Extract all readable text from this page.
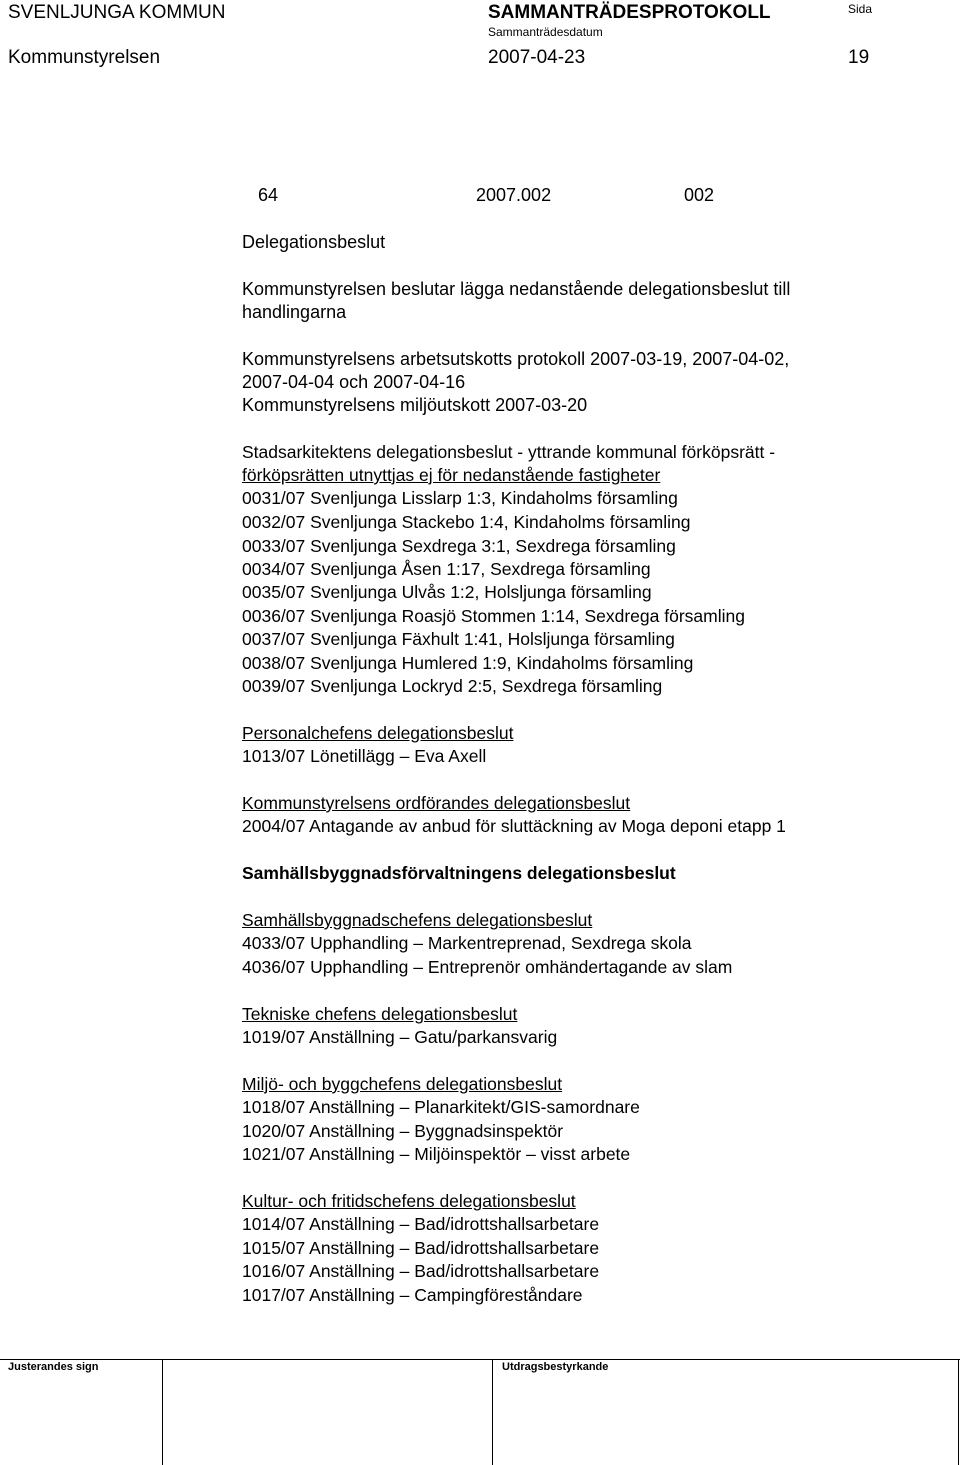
SVENLJUNGA KOMMUN	SAMMANTRÄDESPROTOKOLL
Sammanträdesdatum
Sida
Kommunstyrelsen	2007-04-23	19
64	2007.002	002
Delegationsbeslut
Kommunstyrelsen beslutar lägga nedanstående delegationsbeslut till
handlingarna
Kommunstyrelsens arbetsutskotts protokoll 2007-03-19, 2007-04-02,
2007-04-04 och 2007-04-16
Kommunstyrelsens miljöutskott 2007-03-20
Stadsarkitektens delegationsbeslut - yttrande kommunal förköpsrätt -
förköpsrätten utnyttjas ej för nedanstående fastigheter
0031/07 Svenljunga Lisslarp 1:3, Kindaholms församling
0032/07 Svenljunga Stackebo 1:4, Kindaholms församling
0033/07 Svenljunga Sexdrega 3:1, Sexdrega församling
0034/07 Svenljunga Åsen 1:17, Sexdrega församling
0035/07 Svenljunga Ulvås 1:2, Holsljunga församling
0036/07 Svenljunga Roasjö Stommen 1:14, Sexdrega församling
0037/07 Svenljunga Fäxhult 1:41, Holsljunga församling
0038/07 Svenljunga Humlered 1:9, Kindaholms församling
0039/07 Svenljunga Lockryd 2:5, Sexdrega församling
Personalchefens delegationsbeslut
1013/07 Lönetillägg – Eva Axell
Kommunstyrelsens ordförandes delegationsbeslut
2004/07 Antagande av anbud för sluttäckning av Moga deponi etapp 1
Samhällsbyggnadsförvaltningens delegationsbeslut
Samhällsbyggnadschefens delegationsbeslut
4033/07 Upphandling – Markentreprenad, Sexdrega skola
4036/07 Upphandling – Entreprenör omhändertagande av slam
Tekniske chefens delegationsbeslut
1019/07 Anställning – Gatu/parkansvarig
Miljö- och byggchefens delegationsbeslut
1018/07 Anställning – Planarkitekt/GIS-samordnare
1020/07 Anställning – Byggnadsinspektör
1021/07 Anställning – Miljöinspektör – visst arbete
Kultur- och fritidschefens delegationsbeslut
1014/07 Anställning – Bad/idrottshallsarbetare
1015/07 Anställning – Bad/idrottshallsarbetare
1016/07 Anställning – Bad/idrottshallsarbetare
1017/07 Anställning – Campingföreståndare
Justerandes sign	Utdragsbestyrkande
